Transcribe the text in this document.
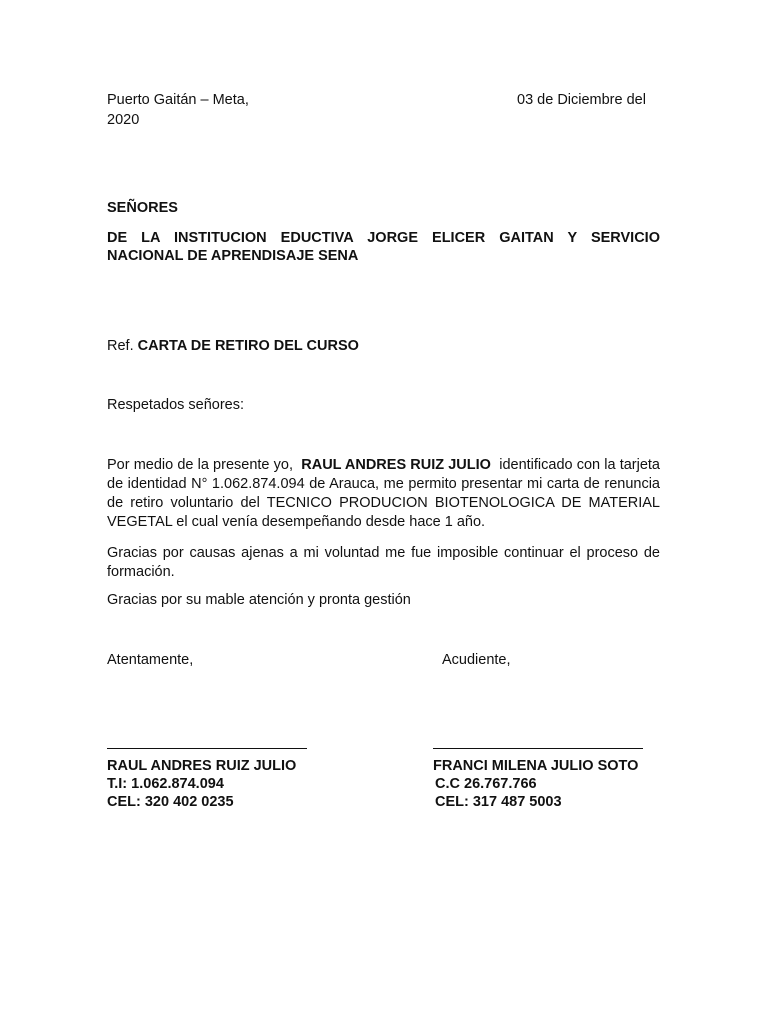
Puerto Gaitán – Meta,	03 de Diciembre del
2020
SEÑORES
DE LA INSTITUCION EDUCTIVA JORGE ELICER GAITAN Y SERVICIO
NACIONAL DE APRENDISAJE SENA
Ref. CARTA DE RETIRO DEL CURSO
Respetados señores:
Por medio de la presente yo, RAUL ANDRES RUIZ JULIO identificado con la tarjeta de identidad N° 1.062.874.094 de Arauca, me permito presentar mi carta de renuncia de retiro voluntario del TECNICO PRODUCION BIOTENOLOGICA DE MATERIAL VEGETAL el cual venía desempeñando desde hace 1 año.
Gracias por causas ajenas a mi voluntad me fue imposible continuar el proceso de formación.
Gracias por su mable atención y pronta gestión
Atentamente,	Acudiente,
RAUL ANDRES RUIZ JULIO
T.I: 1.062.874.094
CEL: 320 402 0235
FRANCI MILENA JULIO SOTO
C.C 26.767.766
CEL: 317 487 5003
